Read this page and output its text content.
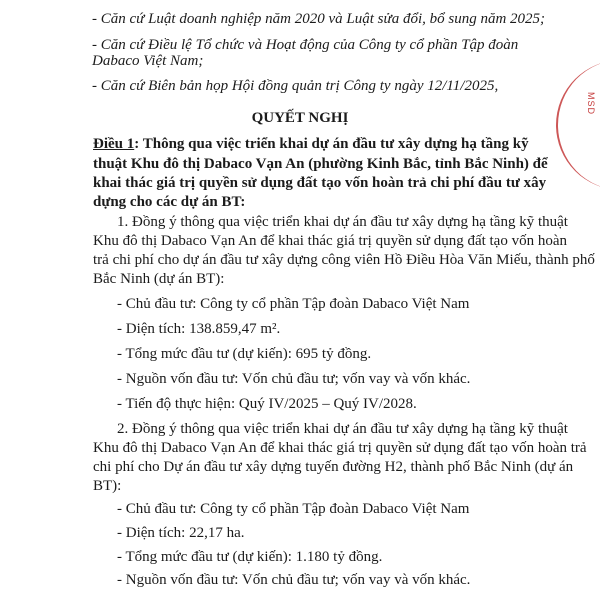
- Căn cứ Luật doanh nghiệp năm 2020 và Luật sửa đổi, bổ sung năm 2025;
- Căn cứ Điều lệ Tổ chức và Hoạt động của Công ty cổ phần Tập đoàn
Dabaco Việt Nam;
- Căn cứ Biên bản họp Hội đồng quản trị Công ty ngày 12/11/2025,
QUYẾT NGHỊ
Điều 1: Thông qua việc triển khai dự án đầu tư xây dựng hạ tầng kỹ
thuật Khu đô thị Dabaco Vạn An (phường Kinh Bắc, tỉnh Bắc Ninh) để
khai thác giá trị quyền sử dụng đất tạo vốn hoàn trả chi phí đầu tư xây
dựng cho các dự án BT:
1. Đồng ý thông qua việc triển khai dự án đầu tư xây dựng hạ tầng kỹ thuật
Khu đô thị Dabaco Vạn An để khai thác giá trị quyền sử dụng đất tạo vốn hoàn
trả chi phí cho dự án đầu tư xây dựng công viên Hồ Điều Hòa Văn Miếu, thành phố
Bắc Ninh (dự án BT):
- Chủ đầu tư: Công ty cổ phần Tập đoàn Dabaco Việt Nam
- Diện tích: 138.859,47 m².
- Tổng mức đầu tư (dự kiến): 695 tỷ đồng.
- Nguồn vốn đầu tư: Vốn chủ đầu tư; vốn vay và vốn khác.
- Tiến độ thực hiện: Quý IV/2025 – Quý IV/2028.
2. Đồng ý thông qua việc triển khai dự án đầu tư xây dựng hạ tầng kỹ thuật
Khu đô thị Dabaco Vạn An để khai thác giá trị quyền sử dụng đất tạo vốn hoàn trả
chi phí cho Dự án đầu tư xây dựng tuyến đường H2, thành phố Bắc Ninh (dự án
BT):
- Chủ đầu tư: Công ty cổ phần Tập đoàn Dabaco Việt Nam
- Diện tích: 22,17 ha.
- Tổng mức đầu tư (dự kiến): 1.180 tỷ đồng.
- Nguồn vốn đầu tư: Vốn chủ đầu tư; vốn vay và vốn khác.
MSD
